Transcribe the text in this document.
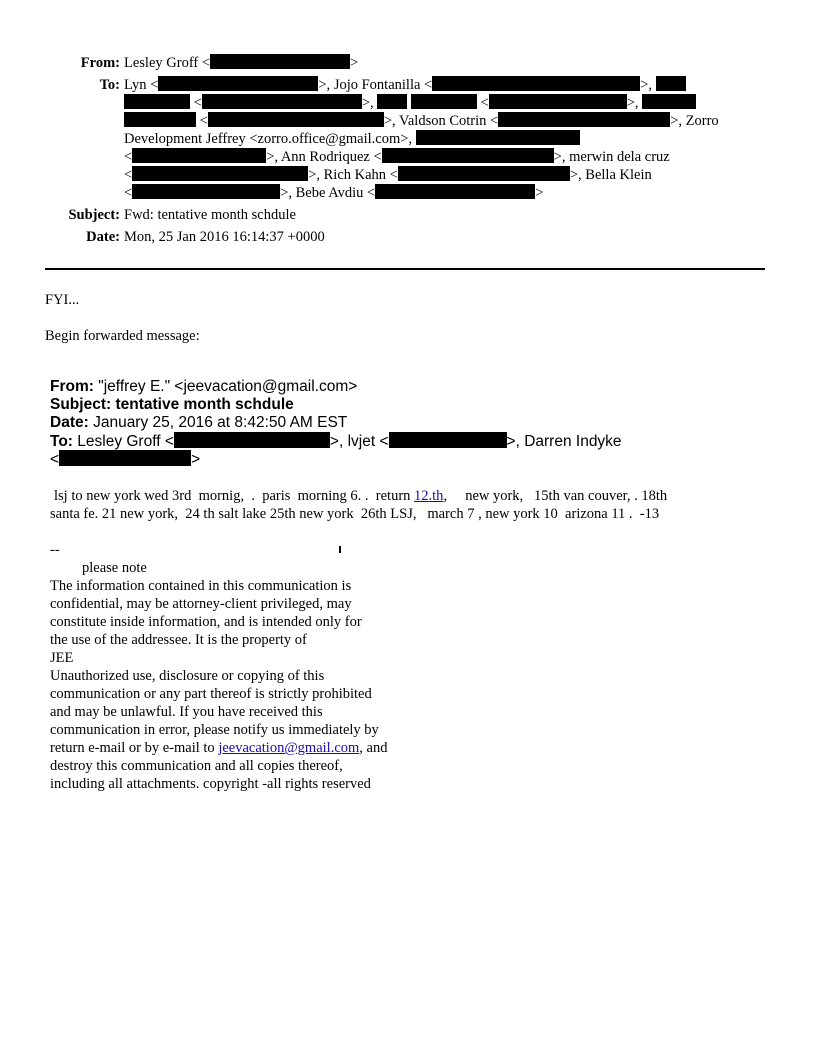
From: Lesley Groff <	>
To: Lyn <	>, Jojo Fontanilla <	>,
<	>,	<	>,
<	>, Valdson Cotrin <	>, Zorro
Development Jeffrey <zorro.office@gmail.com>,
<	>, Ann Rodriquez <	>, merwin dela cruz
<	>, Rich Kahn <	>, Bella Klein
<	>, Bebe Avdiu <	>
Subject: Fwd: tentative month schdule
Date: Mon, 25 Jan 2016 16:14:37 +0000
FYI...
Begin forwarded message:
From: "jeffrey E." <jeevacation@gmail.com>
Subject: tentative month schdule
Date: January 25, 2016 at 8:42:50 AM EST
To: Lesley Groff <	>, lvjet <	>, Darren Indyke
<	>
lsj to new york wed 3rd  mornig,  .  paris  morning 6. .  return 12.th,     new york,   15th van couver, . 18th
santa fe. 21 new york,  24 th salt lake 25th new york  26th LSJ,   march 7 , new york 10  arizona 11 .  -13
--
please note
The information contained in this communication is
confidential, may be attorney-client privileged, may
constitute inside information, and is intended only for
the use of the addressee. It is the property of
JEE
Unauthorized use, disclosure or copying of this
communication or any part thereof is strictly prohibited
and may be unlawful. If you have received this
communication in error, please notify us immediately by
return e-mail or by e-mail to jeevacation@gmail.com, and
destroy this communication and all copies thereof,
including all attachments. copyright -all rights reserved
